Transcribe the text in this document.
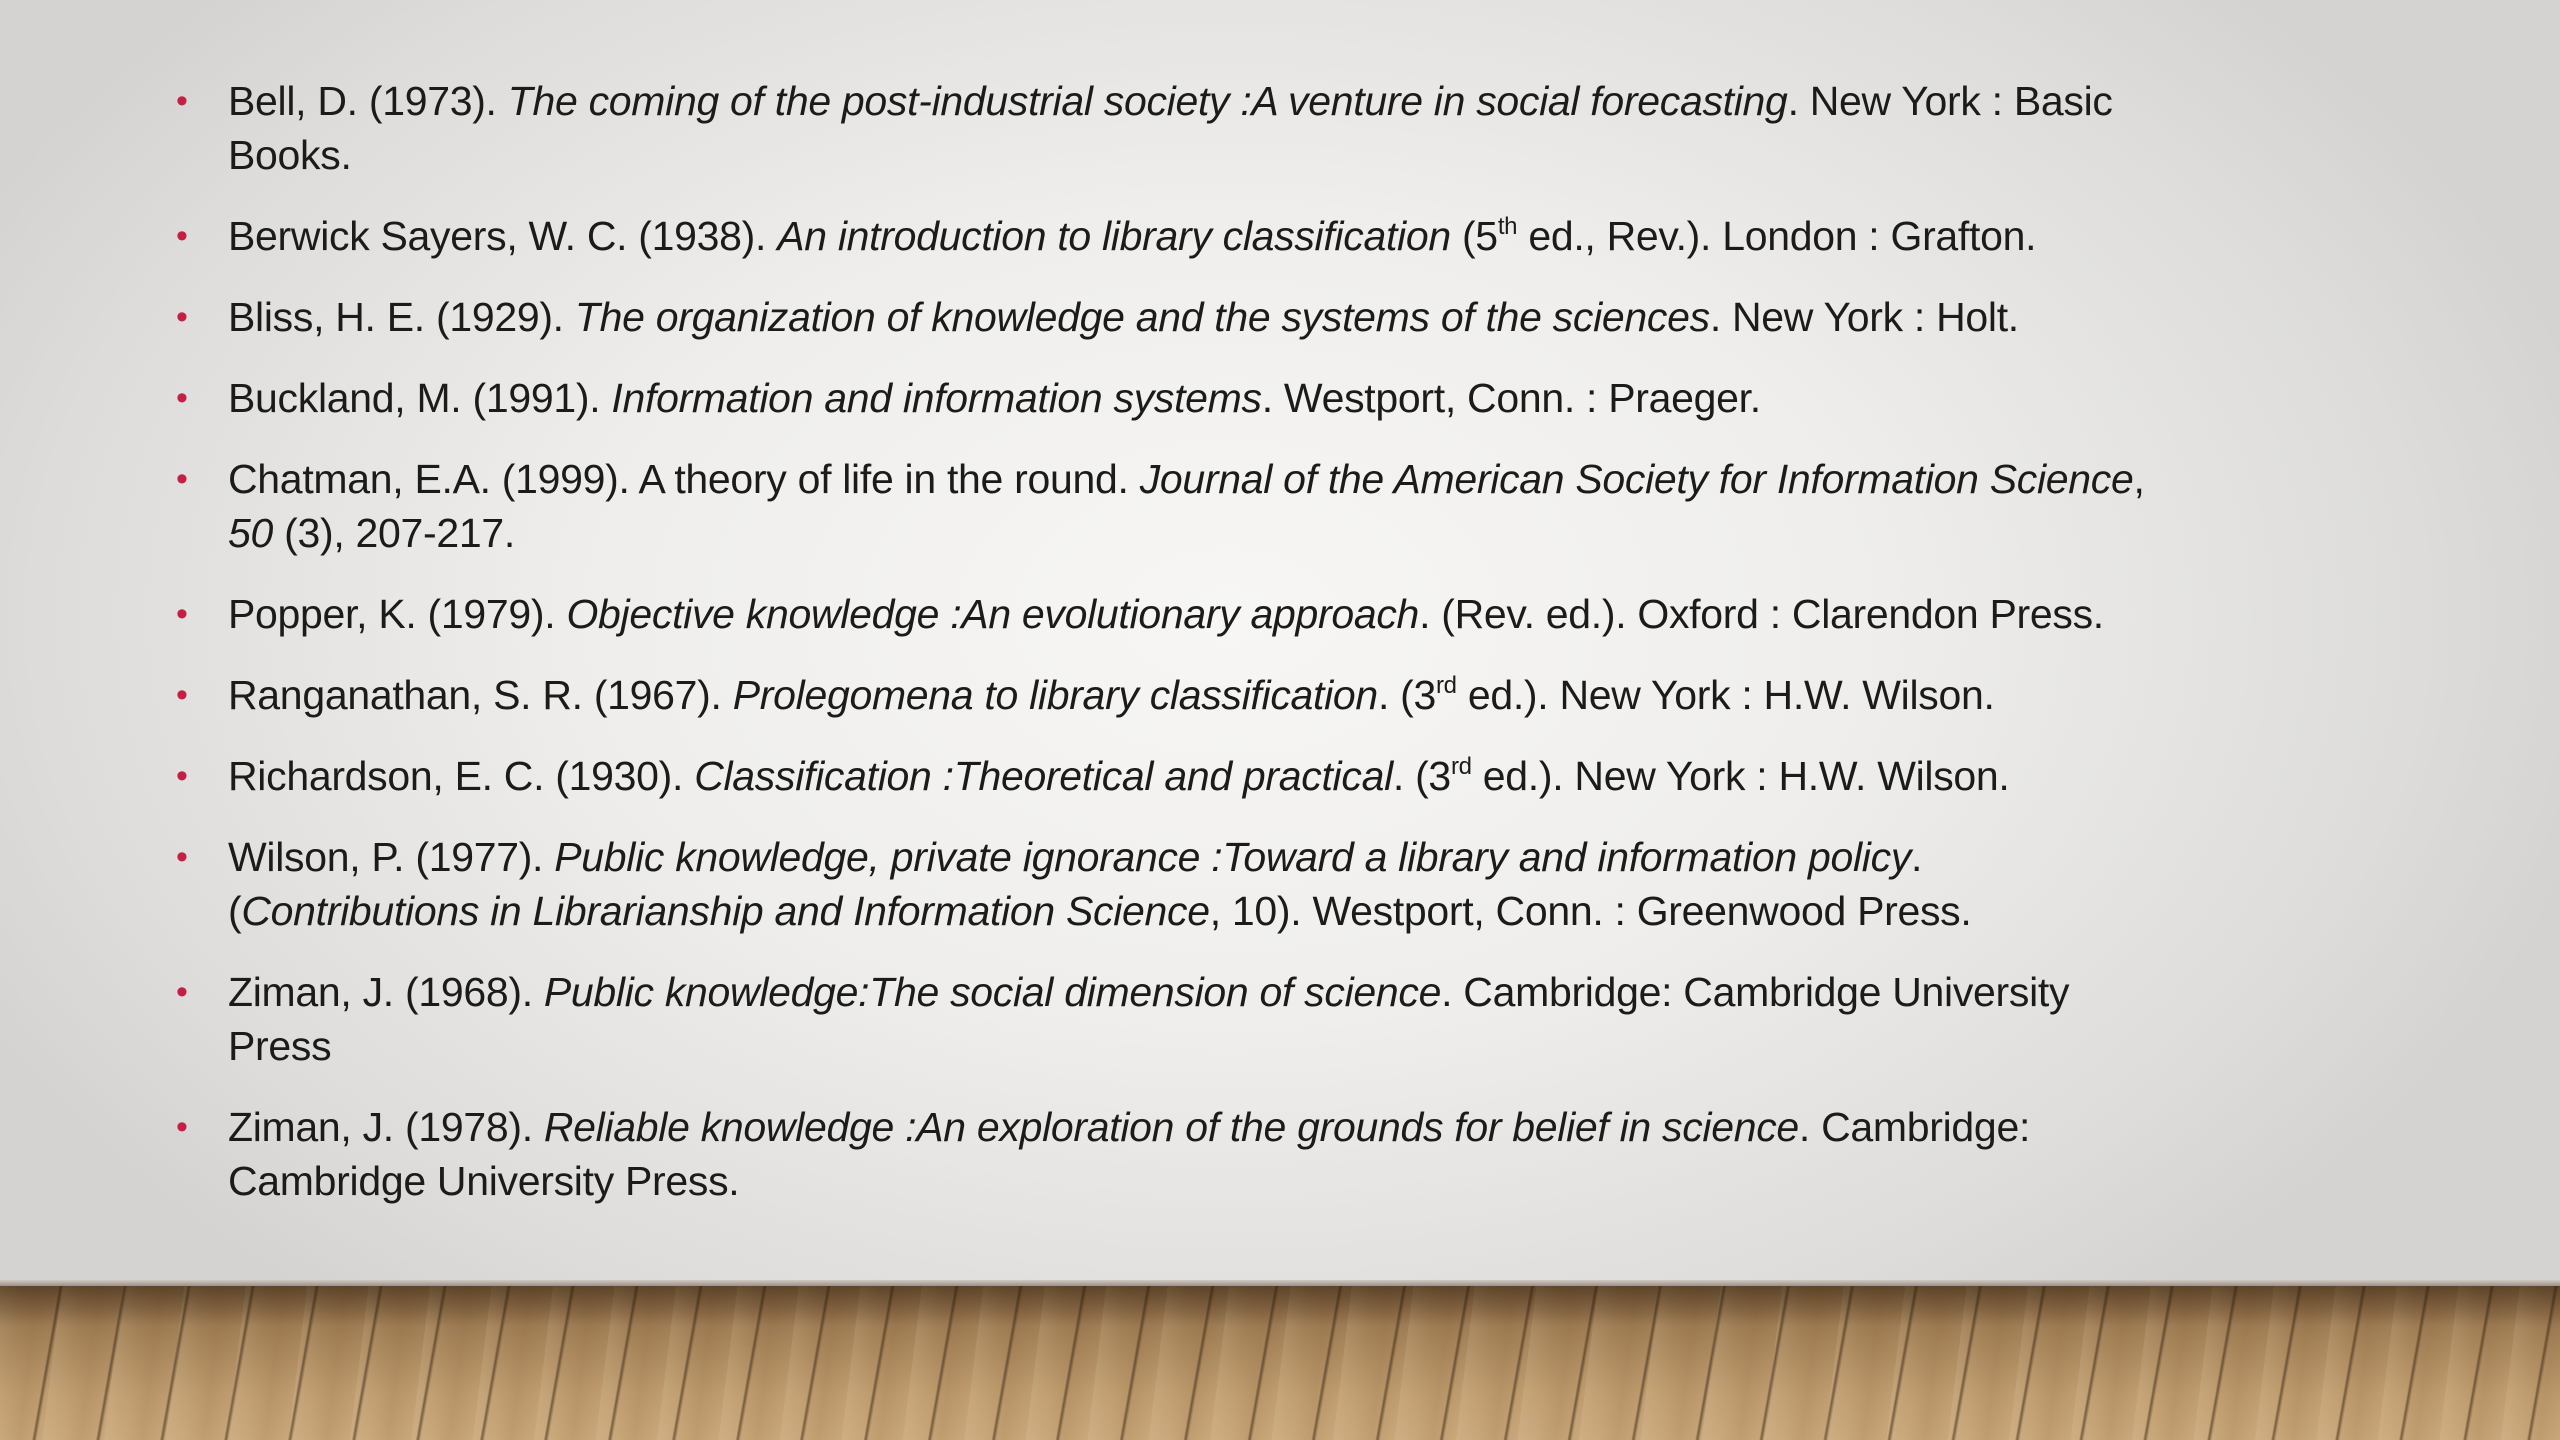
• Bell, D. (1973). The coming of the post-industrial society :A venture in social forecasting. New York : Basic Books.
• Berwick Sayers, W. C. (1938). An introduction to library classification (5th ed., Rev.). London : Grafton.
• Bliss, H. E. (1929). The organization of knowledge and the systems of the sciences. New York : Holt.
• Buckland, M. (1991). Information and information systems. Westport, Conn. : Praeger.
• Chatman, E.A. (1999). A theory of life in the round. Journal of the American Society for Information Science, 50 (3), 207-217.
• Popper, K. (1979). Objective knowledge :An evolutionary approach. (Rev. ed.). Oxford : Clarendon Press.
• Ranganathan, S. R. (1967). Prolegomena to library classification. (3rd ed.). New York : H.W. Wilson.
• Richardson, E. C. (1930). Classification :Theoretical and practical. (3rd ed.). New York : H.W. Wilson.
• Wilson, P. (1977). Public knowledge, private ignorance :Toward a library and information policy. (Contributions in Librarianship and Information Science, 10). Westport, Conn. : Greenwood Press.
• Ziman, J. (1968). Public knowledge:The social dimension of science. Cambridge: Cambridge University Press
• Ziman, J. (1978). Reliable knowledge :An exploration of the grounds for belief in science. Cambridge: Cambridge University Press.
